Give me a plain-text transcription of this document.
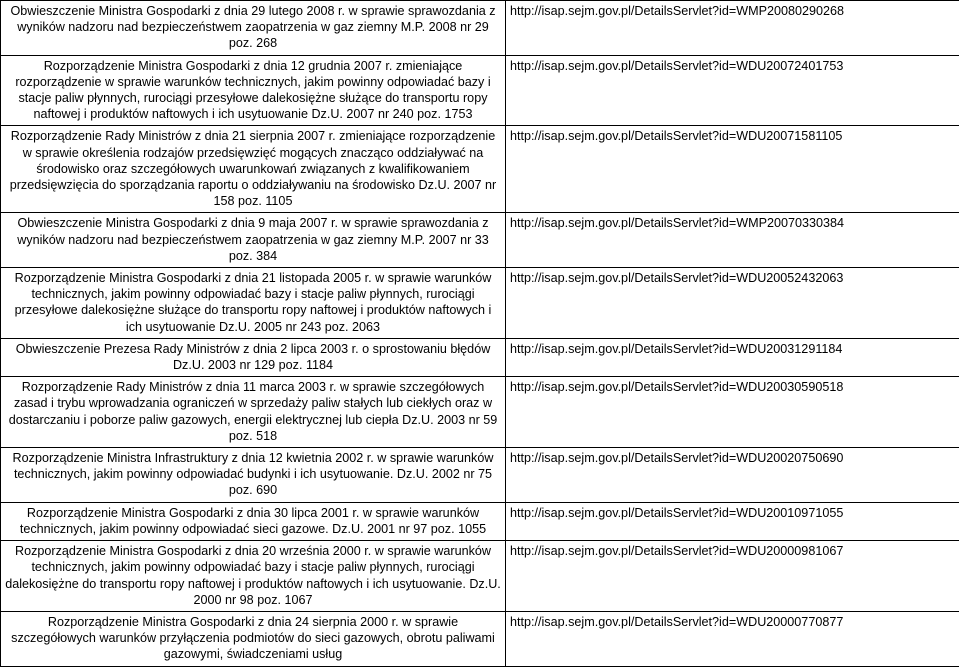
Obwieszczenie Ministra Gospodarki z dnia 29 lutego 2008 r. w sprawie sprawozdania z wyników nadzoru nad bezpieczeństwem zaopatrzenia w gaz ziemny M.P. 2008 nr 29 poz. 268	http://isap.sejm.gov.pl/DetailsServlet?id=WMP20080290268
Rozporządzenie Ministra Gospodarki z dnia 12 grudnia 2007 r. zmieniające rozporządzenie w sprawie warunków technicznych, jakim powinny odpowiadać bazy i stacje paliw płynnych, rurociągi przesyłowe dalekosiężne służące do transportu ropy naftowej i produktów naftowych i ich usytuowanie Dz.U. 2007 nr 240 poz. 1753	http://isap.sejm.gov.pl/DetailsServlet?id=WDU20072401753
Rozporządzenie Rady Ministrów z dnia 21 sierpnia 2007 r. zmieniające rozporządzenie w sprawie określenia rodzajów przedsięwzięć mogących znacząco oddziaływać na środowisko oraz szczegółowych uwarunkowań związanych z kwalifikowaniem przedsięwzięcia do sporządzania raportu o oddziaływaniu na środowisko Dz.U. 2007 nr 158 poz. 1105	http://isap.sejm.gov.pl/DetailsServlet?id=WDU20071581105
Obwieszczenie Ministra Gospodarki z dnia 9 maja 2007 r. w sprawie sprawozdania z wyników nadzoru nad bezpieczeństwem zaopatrzenia w gaz ziemny M.P. 2007 nr 33 poz. 384	http://isap.sejm.gov.pl/DetailsServlet?id=WMP20070330384
Rozporządzenie Ministra Gospodarki z dnia 21 listopada 2005 r. w sprawie warunków technicznych, jakim powinny odpowiadać bazy i stacje paliw płynnych, rurociągi przesyłowe dalekosiężne służące do transportu ropy naftowej i produktów naftowych i ich usytuowanie Dz.U. 2005 nr 243 poz. 2063	http://isap.sejm.gov.pl/DetailsServlet?id=WDU20052432063
Obwieszczenie Prezesa Rady Ministrów z dnia 2 lipca 2003 r. o sprostowaniu błędów Dz.U. 2003 nr 129 poz. 1184	http://isap.sejm.gov.pl/DetailsServlet?id=WDU20031291184
Rozporządzenie Rady Ministrów z dnia 11 marca 2003 r. w sprawie szczegółowych zasad i trybu wprowadzania ograniczeń w sprzedaży paliw stałych lub ciekłych oraz w dostarczaniu i poborze paliw gazowych, energii elektrycznej lub ciepła Dz.U. 2003 nr 59 poz. 518	http://isap.sejm.gov.pl/DetailsServlet?id=WDU20030590518
Rozporządzenie Ministra Infrastruktury z dnia 12 kwietnia 2002 r. w sprawie warunków technicznych, jakim powinny odpowiadać budynki i ich usytuowanie. Dz.U. 2002 nr 75 poz. 690	http://isap.sejm.gov.pl/DetailsServlet?id=WDU20020750690
Rozporządzenie Ministra Gospodarki z dnia 30 lipca 2001 r. w sprawie warunków technicznych, jakim powinny odpowiadać sieci gazowe. Dz.U. 2001 nr 97 poz. 1055	http://isap.sejm.gov.pl/DetailsServlet?id=WDU20010971055
Rozporządzenie Ministra Gospodarki z dnia 20 września 2000 r. w sprawie warunków technicznych, jakim powinny odpowiadać bazy i stacje paliw płynnych, rurociągi dalekosiężne do transportu ropy naftowej i produktów naftowych i ich usytuowanie. Dz.U. 2000 nr 98 poz. 1067	http://isap.sejm.gov.pl/DetailsServlet?id=WDU20000981067
Rozporządzenie Ministra Gospodarki z dnia 24 sierpnia 2000 r. w sprawie szczegółowych warunków przyłączenia podmiotów do sieci gazowych, obrotu paliwami gazowymi, świadczeniami usług	http://isap.sejm.gov.pl/DetailsServlet?id=WDU20000770877
